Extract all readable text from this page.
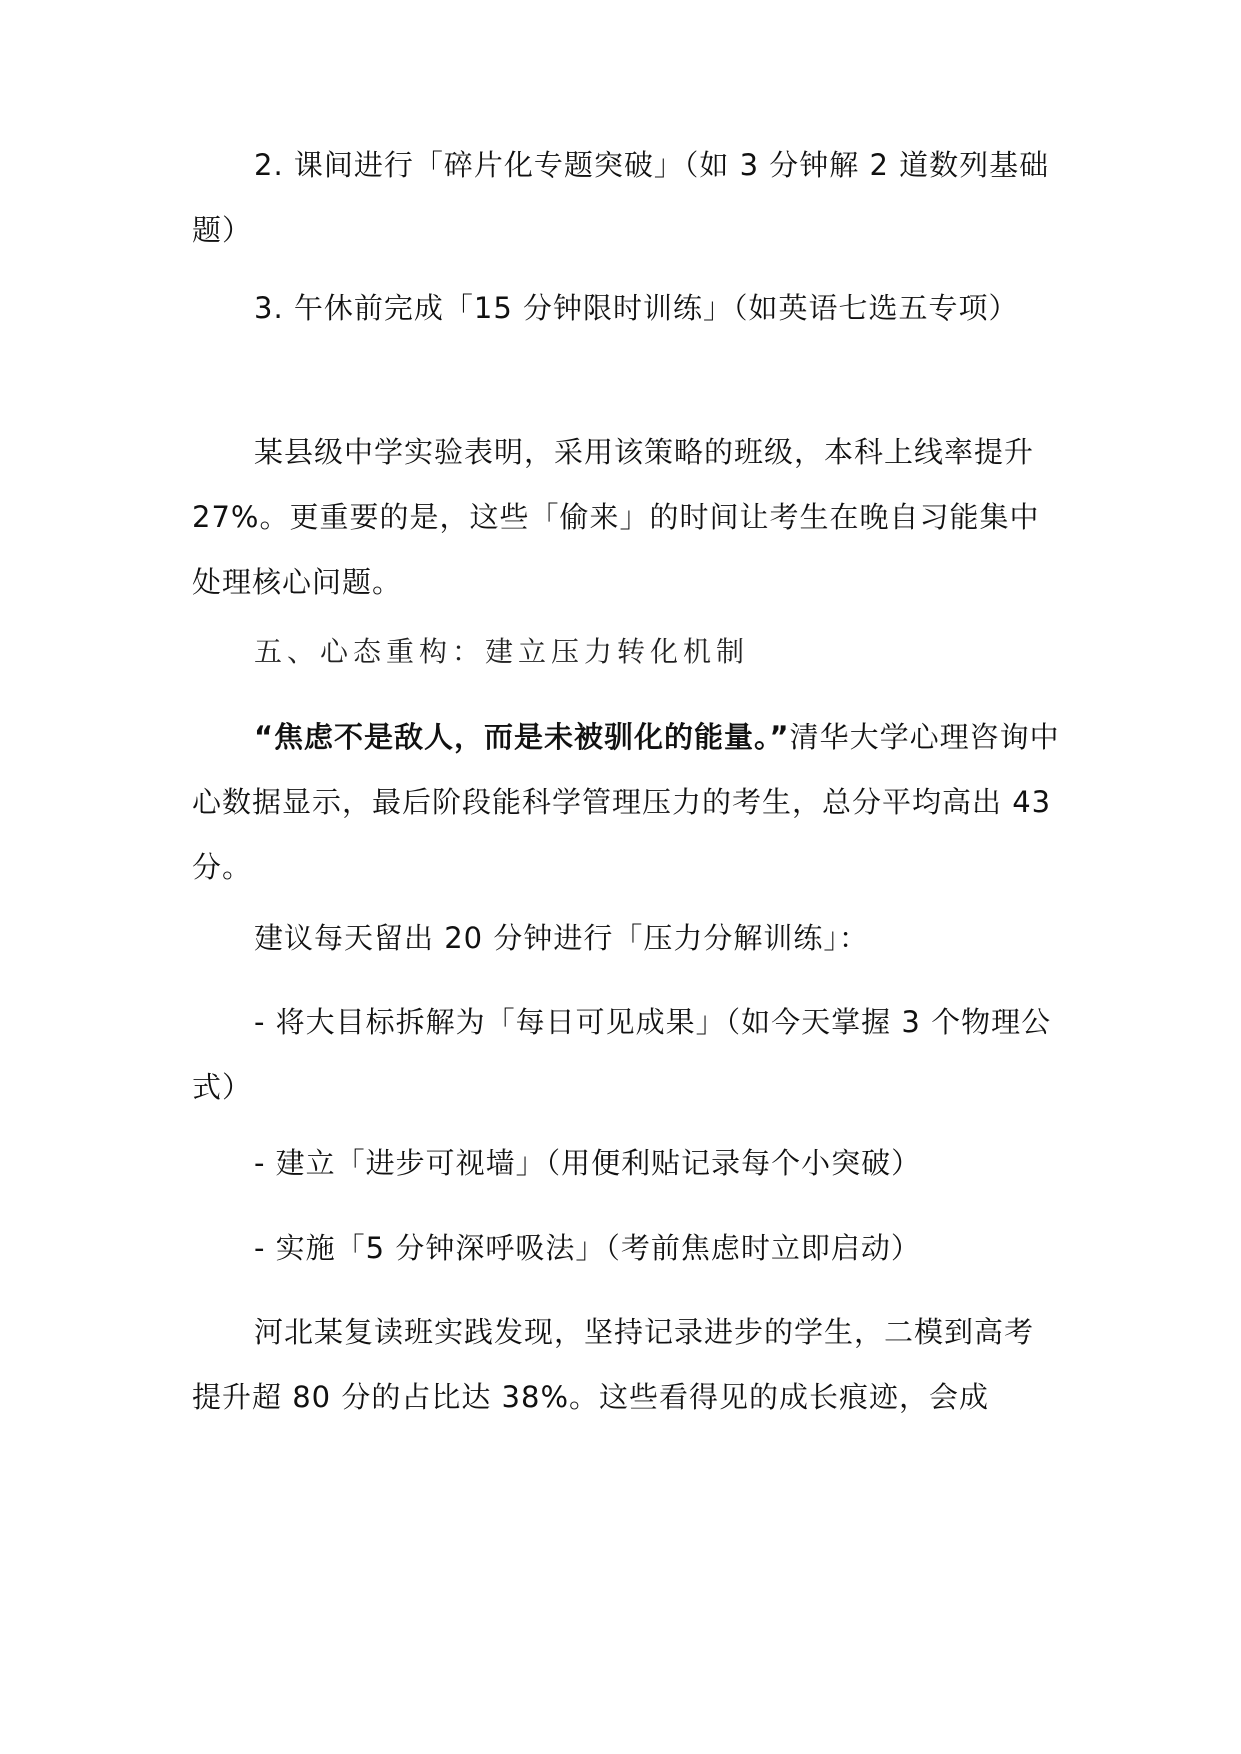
2. 课间进行「碎片化专题突破」（如 3 分钟解 2 道数列基础题）

3. 午休前完成「15 分钟限时训练」（如英语七选五专项）

某县级中学实验表明，采用该策略的班级，本科上线率提升 27%。更重要的是，这些「偷来」的时间让考生在晚自习能集中处理核心问题。

五、心态重构：建立压力转化机制

“焦虑不是敌人，而是未被驯化的能量。”清华大学心理咨询中心数据显示，最后阶段能科学管理压力的考生，总分平均高出 43 分。

建议每天留出 20 分钟进行「压力分解训练」：

- 将大目标拆解为「每日可见成果」（如今天掌握 3 个物理公式）

- 建立「进步可视墙」（用便利贴记录每个小突破）

- 实施「5 分钟深呼吸法」（考前焦虑时立即启动）

河北某复读班实践发现，坚持记录进步的学生，二模到高考提升超 80 分的占比达 38%。这些看得见的成长痕迹，会成
